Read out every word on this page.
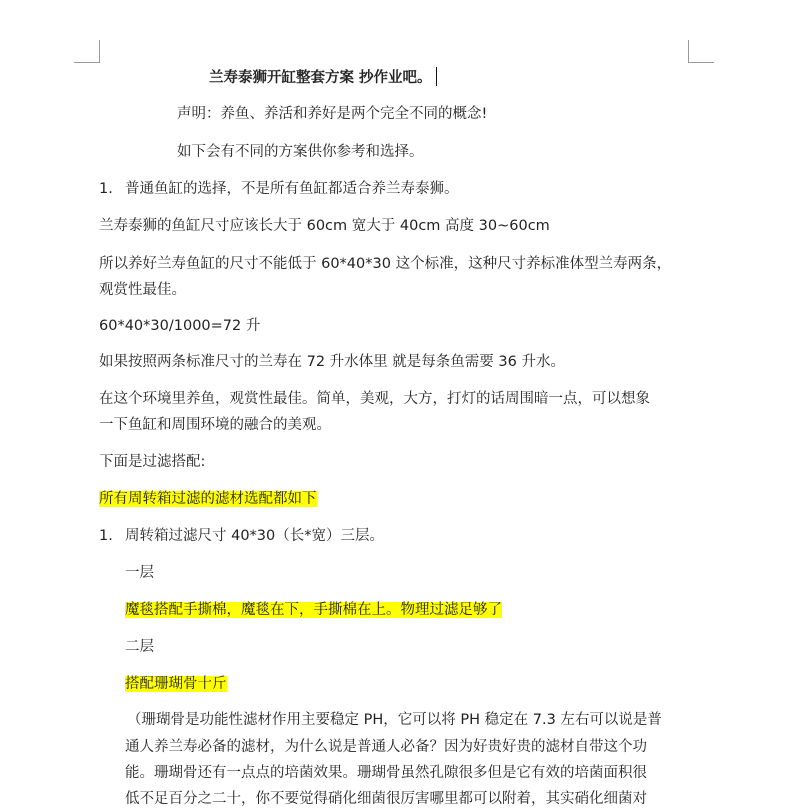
兰寿泰狮开缸整套方案 抄作业吧。
声明：养鱼、养活和养好是两个完全不同的概念!
如下会有不同的方案供你参考和选择。
1. 普通鱼缸的选择，不是所有鱼缸都适合养兰寿泰狮。
兰寿泰狮的鱼缸尺寸应该长大于 60cm 宽大于 40cm 高度 30~60cm
所以养好兰寿鱼缸的尺寸不能低于 60*40*30 这个标准，这种尺寸养标准体型兰寿两条，
观赏性最佳。
60*40*30/1000=72 升
如果按照两条标准尺寸的兰寿在 72 升水体里 就是每条鱼需要 36 升水。
在这个环境里养鱼，观赏性最佳。简单，美观，大方，打灯的话周围暗一点，可以想象
一下鱼缸和周围环境的融合的美观。
下面是过滤搭配:
所有周转箱过滤的滤材选配都如下
1. 周转箱过滤尺寸 40*30（长*宽）三层。
一层
魔毯搭配手撕棉，魔毯在下，手撕棉在上。物理过滤足够了
二层
搭配珊瑚骨十斤
（珊瑚骨是功能性滤材作用主要稳定 PH，它可以将 PH 稳定在 7.3 左右可以说是普
通人养兰寿必备的滤材，为什么说是普通人必备？因为好贵好贵的滤材自带这个功
能。珊瑚骨还有一点点的培菌效果。珊瑚骨虽然孔隙很多但是它有效的培菌面积很
低不足百分之二十，你不要觉得硝化细菌很厉害哪里都可以附着，其实硝化细菌对
